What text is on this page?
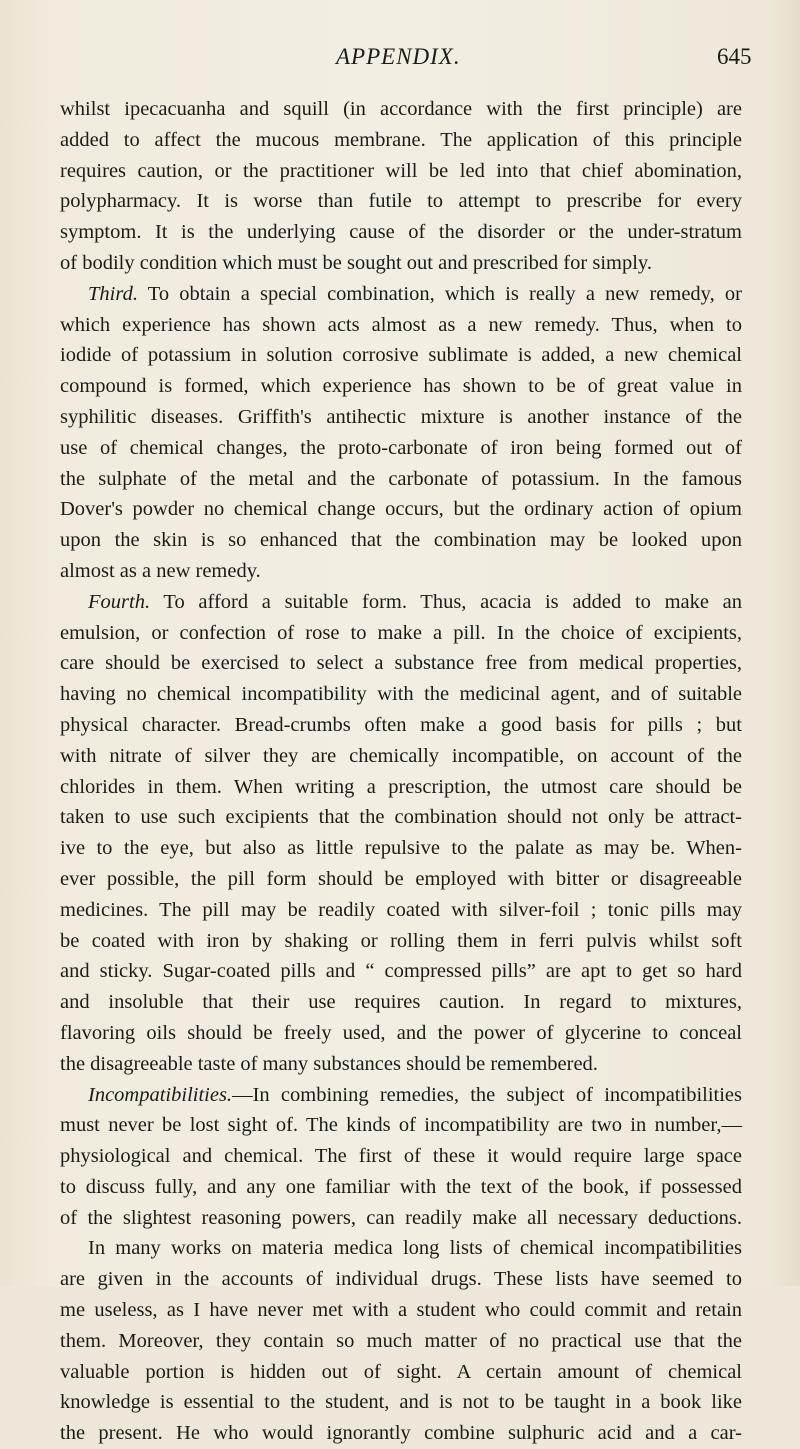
APPENDIX.	645
whilst ipecacuanha and squill (in accordance with the first principle) are
added to affect the mucous membrane. The application of this principle
requires caution, or the practitioner will be led into that chief abomination,
polypharmacy. It is worse than futile to attempt to prescribe for every
symptom. It is the underlying cause of the disorder or the under-stratum
of bodily condition which must be sought out and prescribed for simply.
Third. To obtain a special combination, which is really a new remedy, or
which experience has shown acts almost as a new remedy. Thus, when to
iodide of potassium in solution corrosive sublimate is added, a new chemical
compound is formed, which experience has shown to be of great value in
syphilitic diseases. Griffith's antihectic mixture is another instance of the
use of chemical changes, the proto-carbonate of iron being formed out of
the sulphate of the metal and the carbonate of potassium. In the famous
Dover's powder no chemical change occurs, but the ordinary action of opium
upon the skin is so enhanced that the combination may be looked upon
almost as a new remedy.
Fourth. To afford a suitable form. Thus, acacia is added to make an
emulsion, or confection of rose to make a pill. In the choice of excipients,
care should be exercised to select a substance free from medical properties,
having no chemical incompatibility with the medicinal agent, and of suitable
physical character. Bread-crumbs often make a good basis for pills ; but
with nitrate of silver they are chemically incompatible, on account of the
chlorides in them. When writing a prescription, the utmost care should be
taken to use such excipients that the combination should not only be attract-
ive to the eye, but also as little repulsive to the palate as may be. When-
ever possible, the pill form should be employed with bitter or disagreeable
medicines. The pill may be readily coated with silver-foil ; tonic pills may
be coated with iron by shaking or rolling them in ferri pulvis whilst soft
and sticky. Sugar-coated pills and “ compressed pills” are apt to get so hard
and insoluble that their use requires caution. In regard to mixtures,
flavoring oils should be freely used, and the power of glycerine to conceal
the disagreeable taste of many substances should be remembered.
Incompatibilities.—In combining remedies, the subject of incompatibilities
must never be lost sight of. The kinds of incompatibility are two in number,—
physiological and chemical. The first of these it would require large space
to discuss fully, and any one familiar with the text of the book, if possessed
of the slightest reasoning powers, can readily make all necessary deductions.
In many works on materia medica long lists of chemical incompatibilities
are given in the accounts of individual drugs. These lists have seemed to
me useless, as I have never met with a student who could commit and retain
them. Moreover, they contain so much matter of no practical use that the
valuable portion is hidden out of sight. A certain amount of chemical
knowledge is essential to the student, and is not to be taught in a book like
the present. He who would ignorantly combine sulphuric acid and a car-
